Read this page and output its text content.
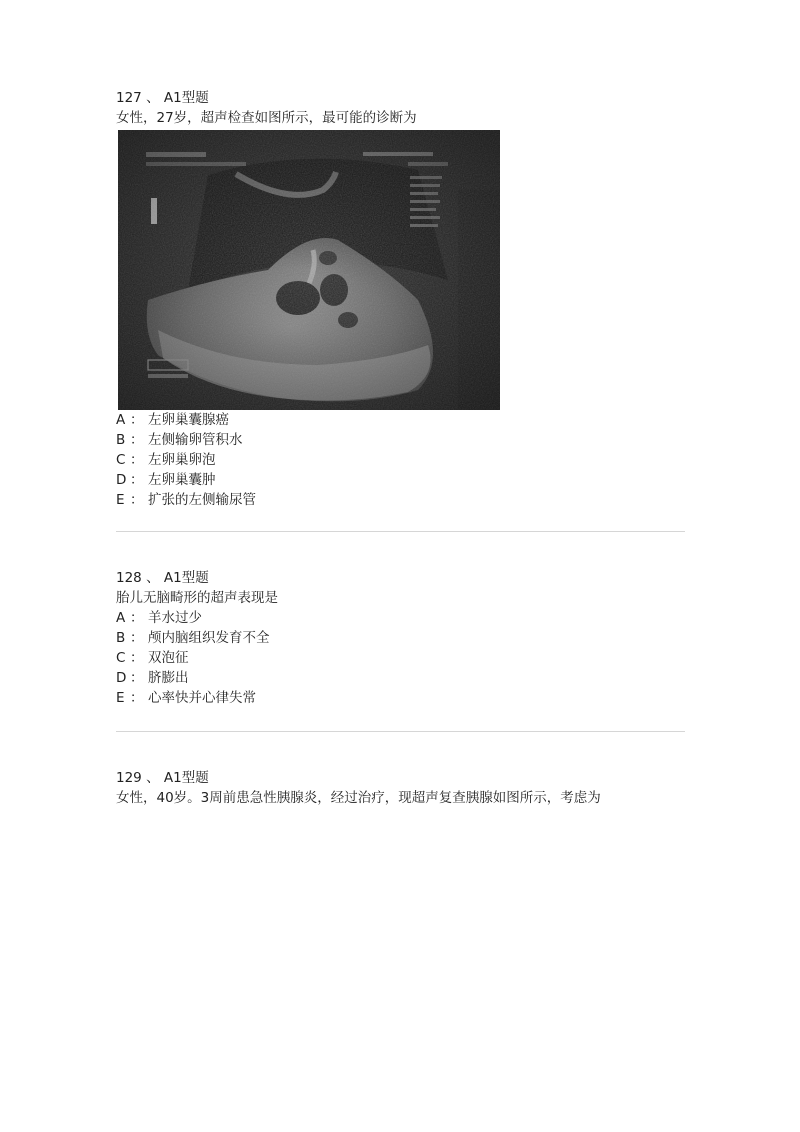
127 、 A1型题
女性，27岁，超声检查如图所示，最可能的诊断为
A ： 左卵巢囊腺癌
B ： 左侧输卵管积水
C ： 左卵巢卵泡
D ： 左卵巢囊肿
E ： 扩张的左侧输尿管
128 、 A1型题
胎儿无脑畸形的超声表现是
A ： 羊水过少
B ： 颅内脑组织发育不全
C ： 双泡征
D ： 脐膨出
E ： 心率快并心律失常
129 、 A1型题
女性，40岁。3周前患急性胰腺炎，经过治疗，现超声复查胰腺如图所示，考虑为
